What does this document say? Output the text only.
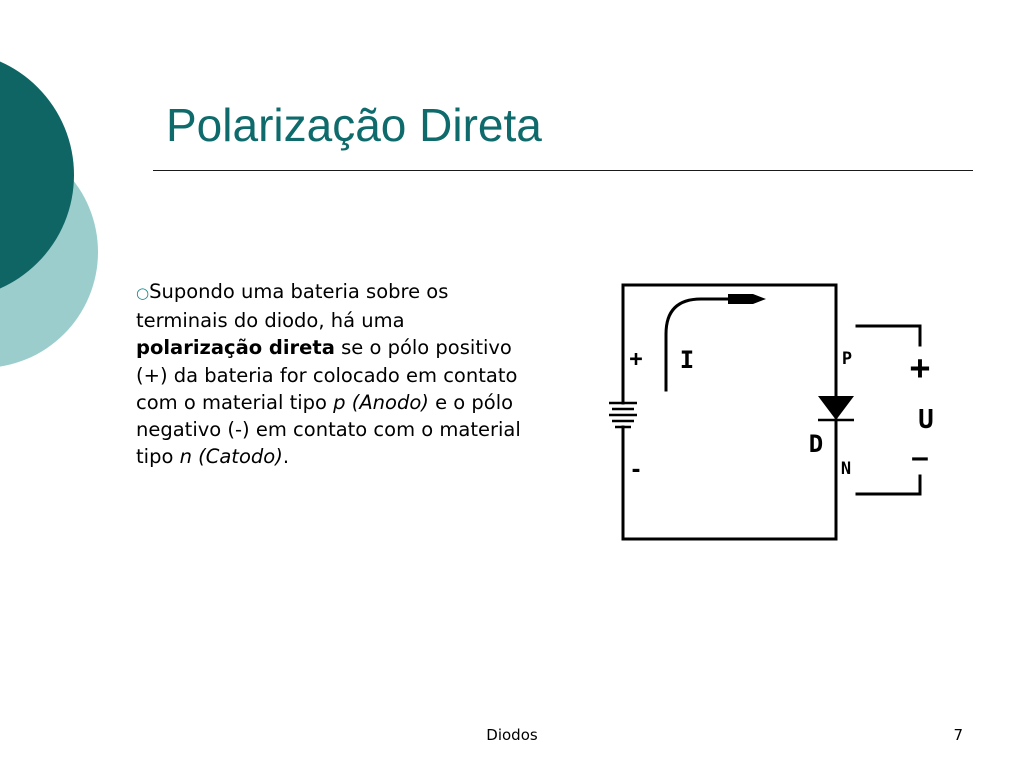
Polarização Direta
○Supondo uma bateria sobre os terminais do diodo, há uma polarização direta se o pólo positivo (+) da bateria for colocado em contato com o material tipo p (Anodo) e o pólo negativo (-) em contato com o material tipo n (Catodo).
+
-
I
D
P
N
+
U
—
Diodos	7
